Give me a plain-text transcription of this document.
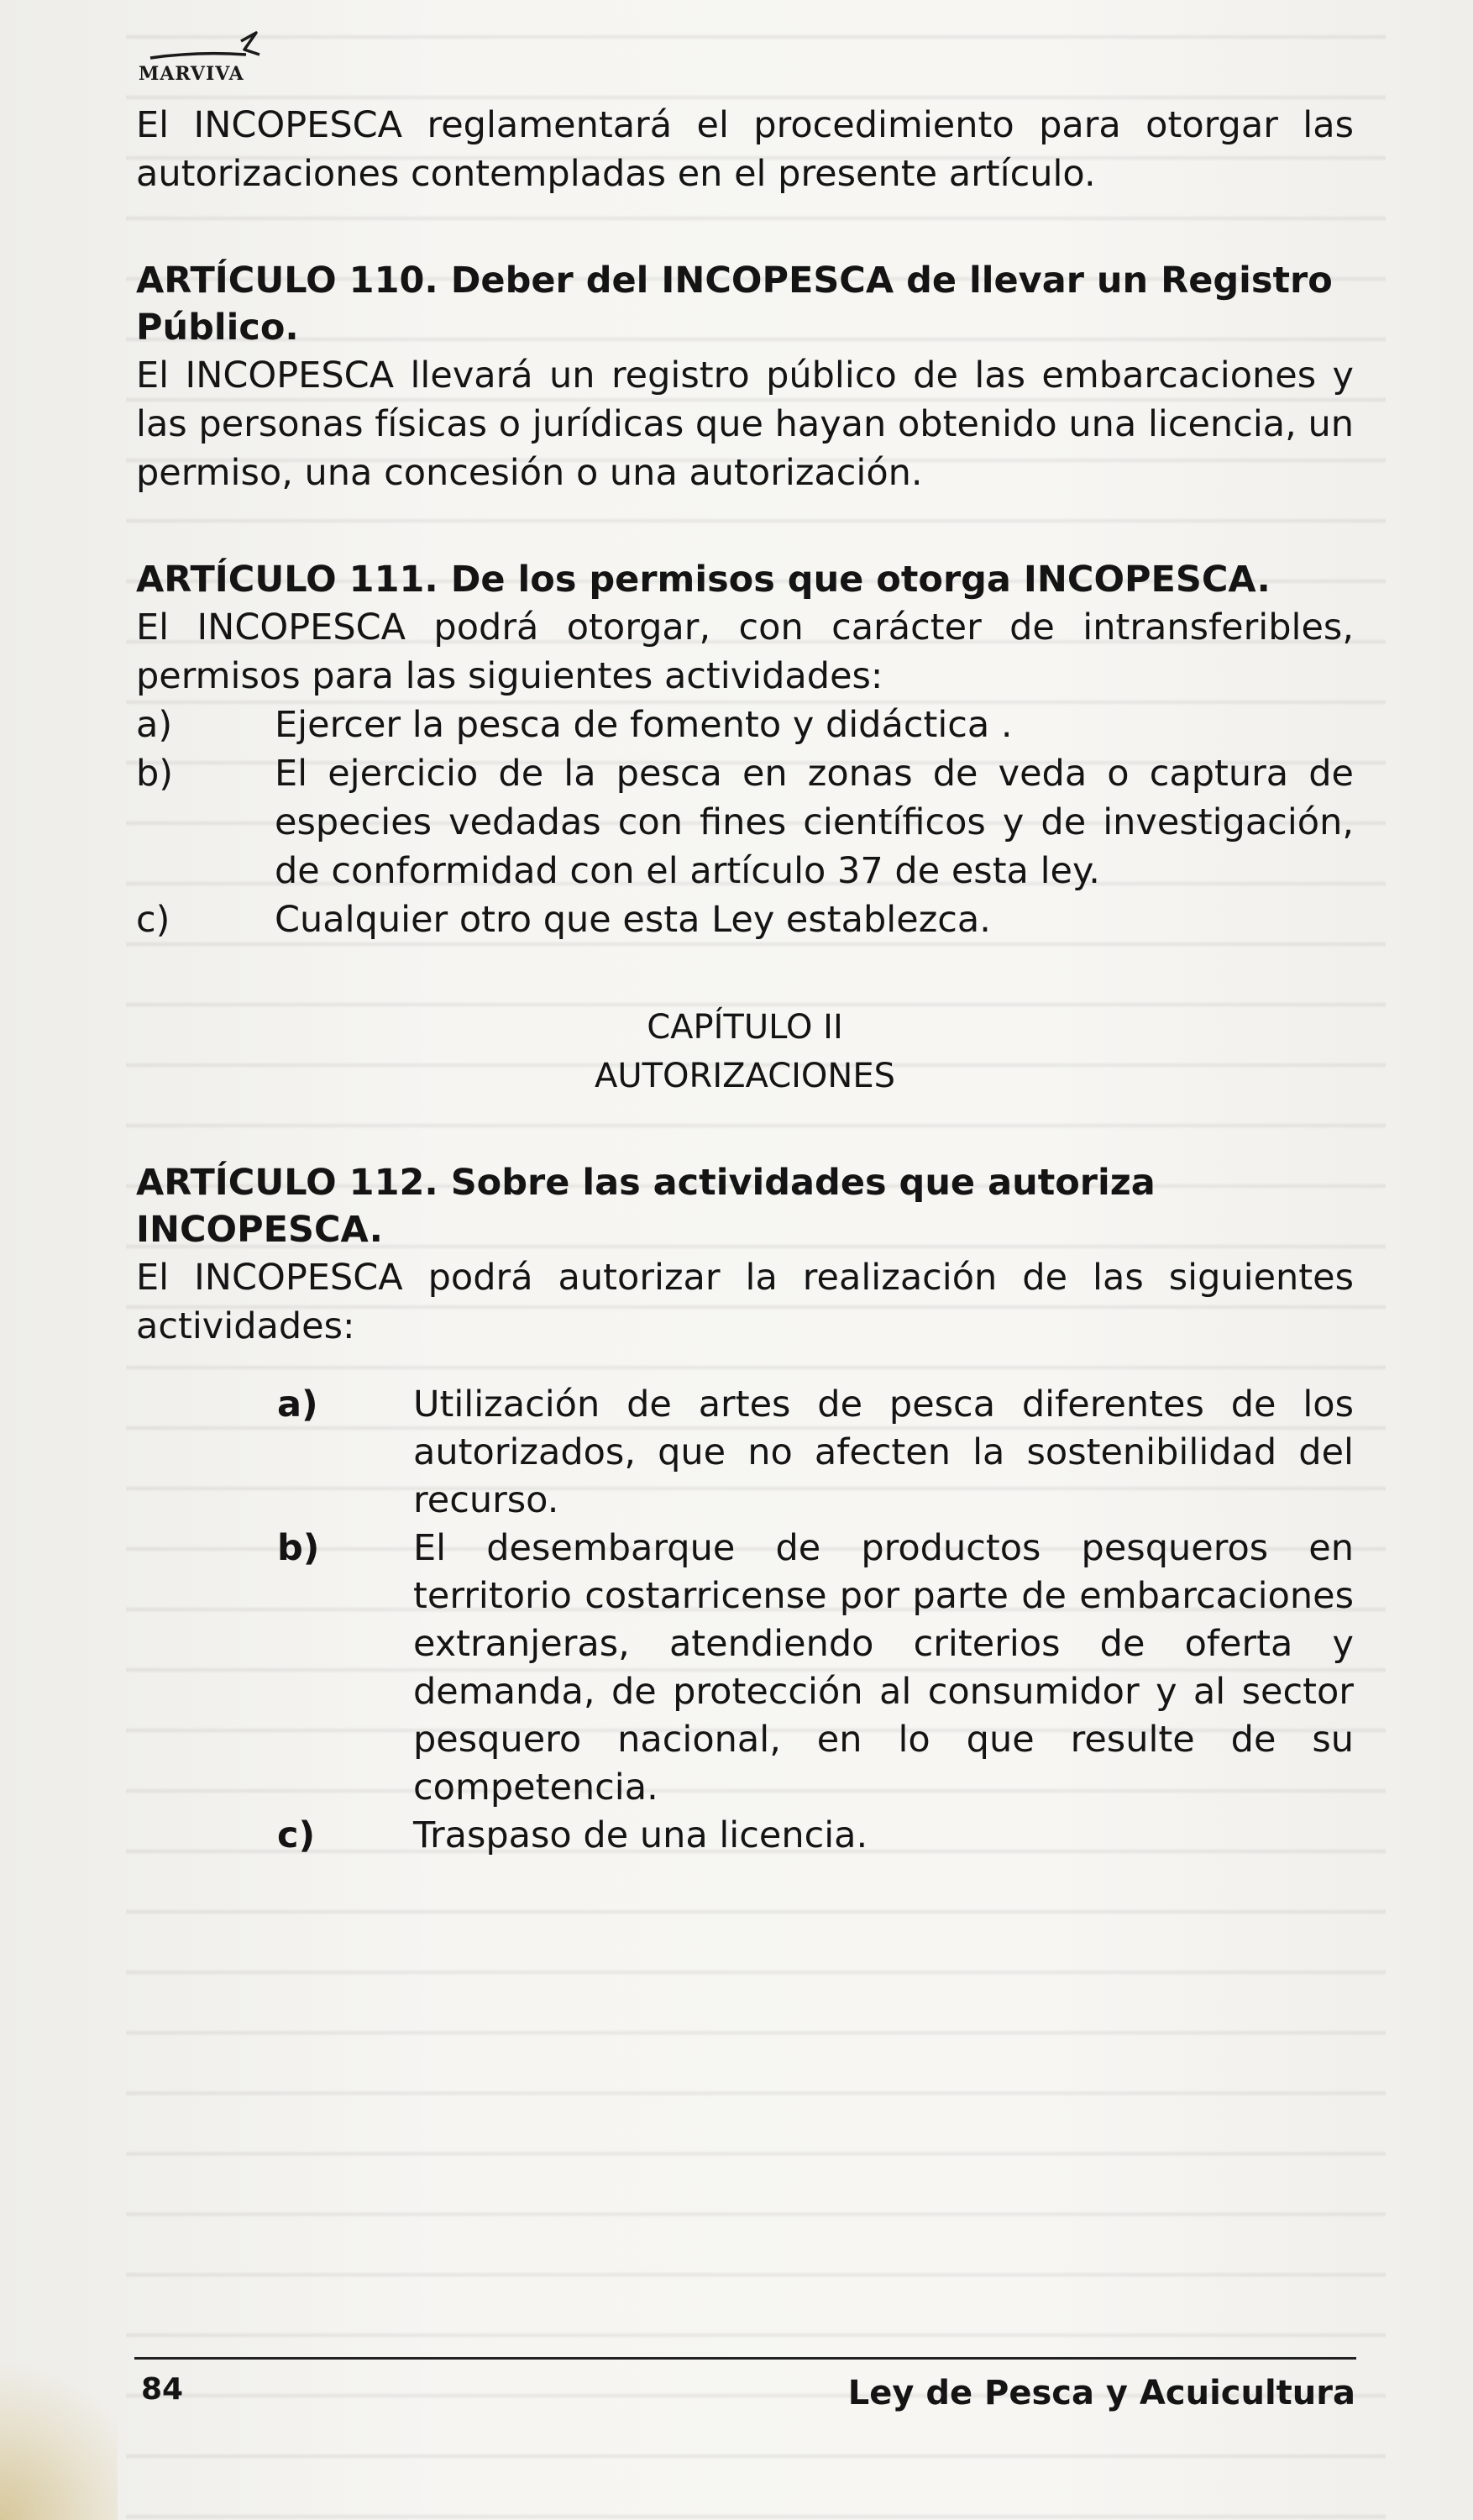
MARVIVA

El INCOPESCA reglamentará el procedimiento para otorgar las autorizaciones contempladas en el presente artículo.

ARTÍCULO 110. Deber del INCOPESCA de llevar un Registro Público.

El INCOPESCA llevará un registro público de las embarcaciones y las personas físicas o jurídicas que hayan obtenido una licencia, un permiso, una concesión o una autorización.

ARTÍCULO 111. De los permisos que otorga INCOPESCA.

El INCOPESCA podrá otorgar, con carácter de intransferibles, permisos para las siguientes actividades:

a)	Ejercer la pesca de fomento y didáctica .
b)	El ejercicio de la pesca en zonas de veda o captura de especies vedadas con fines científicos y de investigación, de conformidad con el artículo 37 de esta ley.
c)	Cualquier otro que esta Ley establezca.

CAPÍTULO II

AUTORIZACIONES

ARTÍCULO 112. Sobre las actividades que autoriza INCOPESCA.

El INCOPESCA podrá autorizar la realización de las siguientes actividades:

a)	Utilización de artes de pesca diferentes de los autorizados, que no afecten la sostenibilidad del recurso.
b)	El desembarque de productos pesqueros en territorio costarricense por parte de embarcaciones extranjeras, atendiendo criterios de oferta y demanda, de protección al consumidor y al sector pesquero nacional, en lo que resulte de su competencia.
c)	Traspaso de una licencia.
84	Ley de Pesca y Acuicultura
